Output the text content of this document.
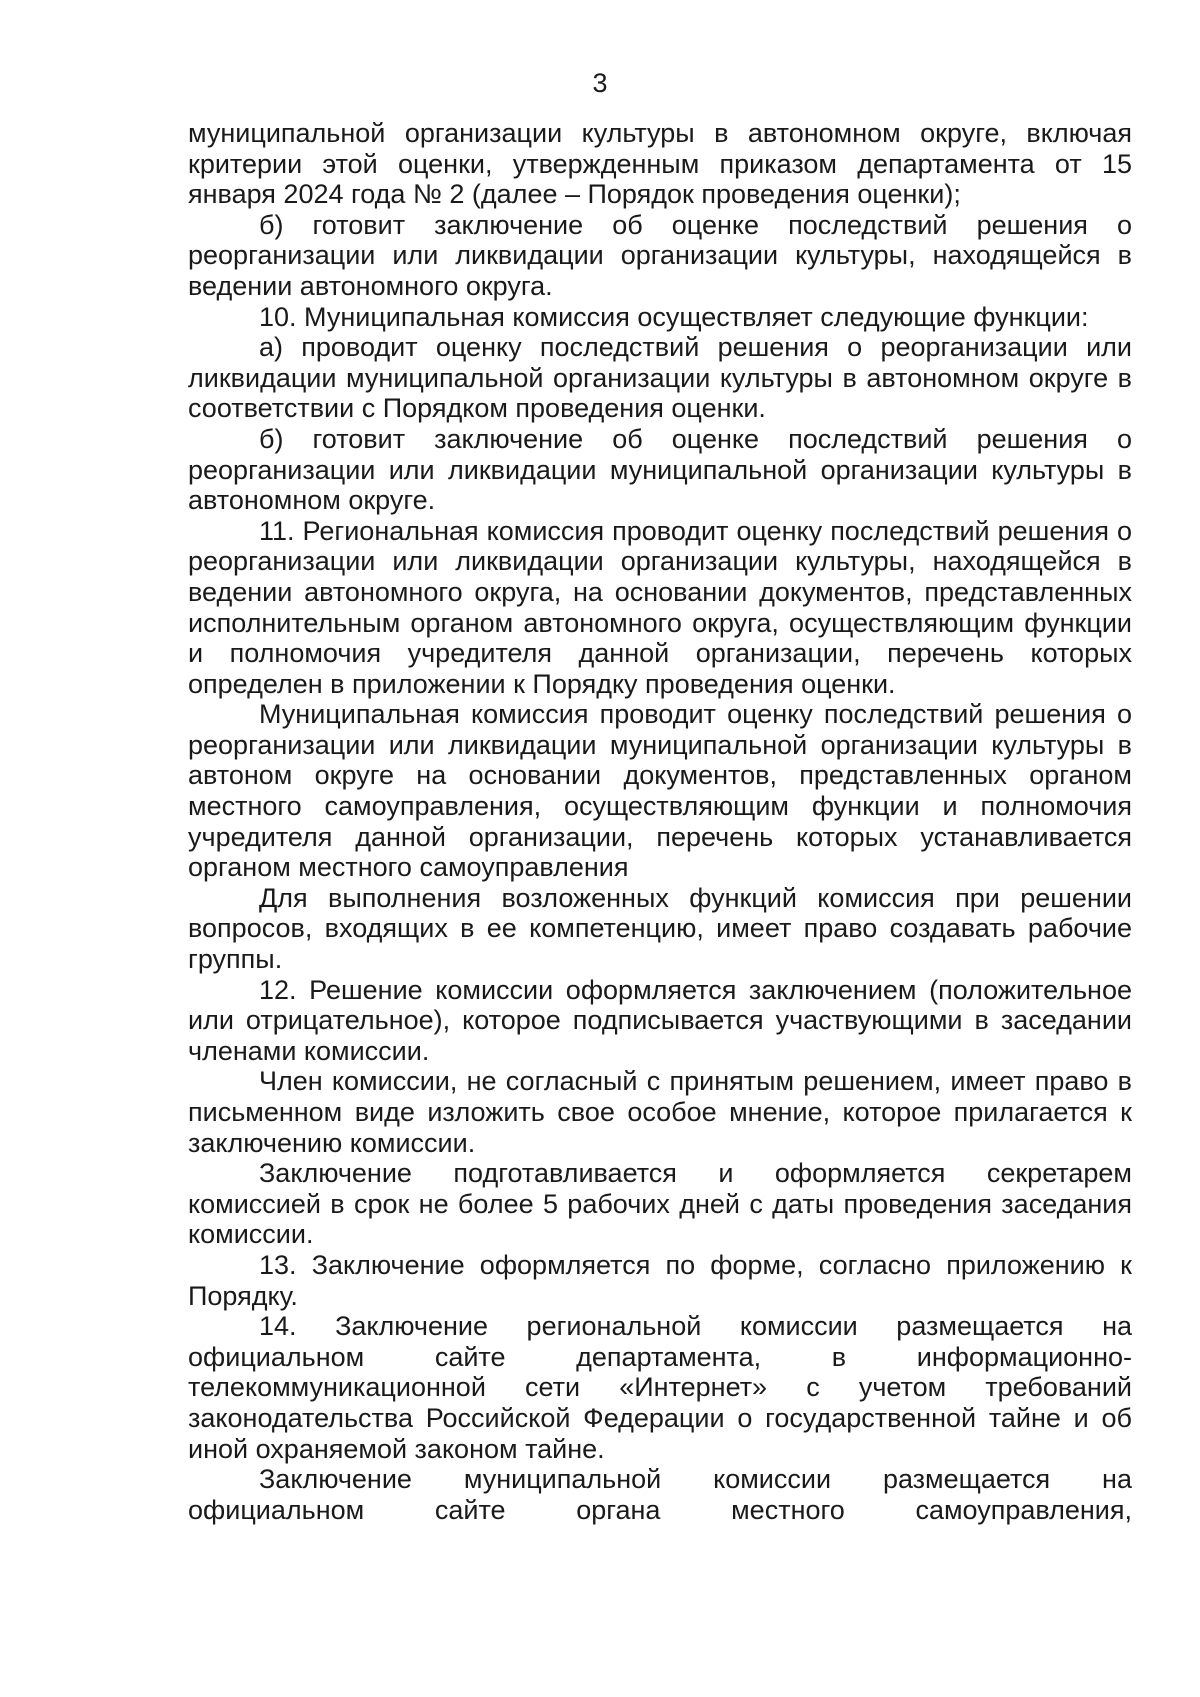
3

муниципальной организации культуры в автономном округе, включая критерии этой оценки, утвержденным приказом департамента от 15 января 2024 года № 2 (далее – Порядок проведения оценки);

б) готовит заключение об оценке последствий решения о реорганизации или ликвидации организации культуры, находящейся в ведении автономного округа.

10. Муниципальная комиссия осуществляет следующие функции:

а) проводит оценку последствий решения о реорганизации или ликвидации муниципальной организации культуры в автономном округе в соответствии с Порядком проведения оценки.

б) готовит заключение об оценке последствий решения о реорганизации или ликвидации муниципальной организации культуры в автономном округе.

11. Региональная комиссия проводит оценку последствий решения о реорганизации или ликвидации организации культуры, находящейся в ведении автономного округа, на основании документов, представленных исполнительным органом автономного округа, осуществляющим функции и полномочия учредителя данной организации, перечень которых определен в приложении к Порядку проведения оценки.

Муниципальная комиссия проводит оценку последствий решения о реорганизации или ликвидации муниципальной организации культуры в автоном округе на основании документов, представленных органом местного самоуправления, осуществляющим функции и полномочия учредителя данной организации, перечень которых устанавливается органом местного самоуправления

Для выполнения возложенных функций комиссия при решении вопросов, входящих в ее компетенцию, имеет право создавать рабочие группы.

12. Решение комиссии оформляется заключением (положительное или отрицательное), которое подписывается участвующими в заседании членами комиссии.

Член комиссии, не согласный с принятым решением, имеет право в письменном виде изложить свое особое мнение, которое прилагается к заключению комиссии.

Заключение подготавливается и оформляется секретарем комиссией в срок не более 5 рабочих дней с даты проведения заседания комиссии.

13. Заключение оформляется по форме, согласно приложению к Порядку.

14. Заключение региональной комиссии размещается на официальном сайте департамента, в информационно-телекоммуникационной сети «Интернет» с учетом требований законодательства Российской Федерации о государственной тайне и об иной охраняемой законом тайне.

Заключение муниципальной комиссии размещается на официальном сайте органа местного самоуправления,
